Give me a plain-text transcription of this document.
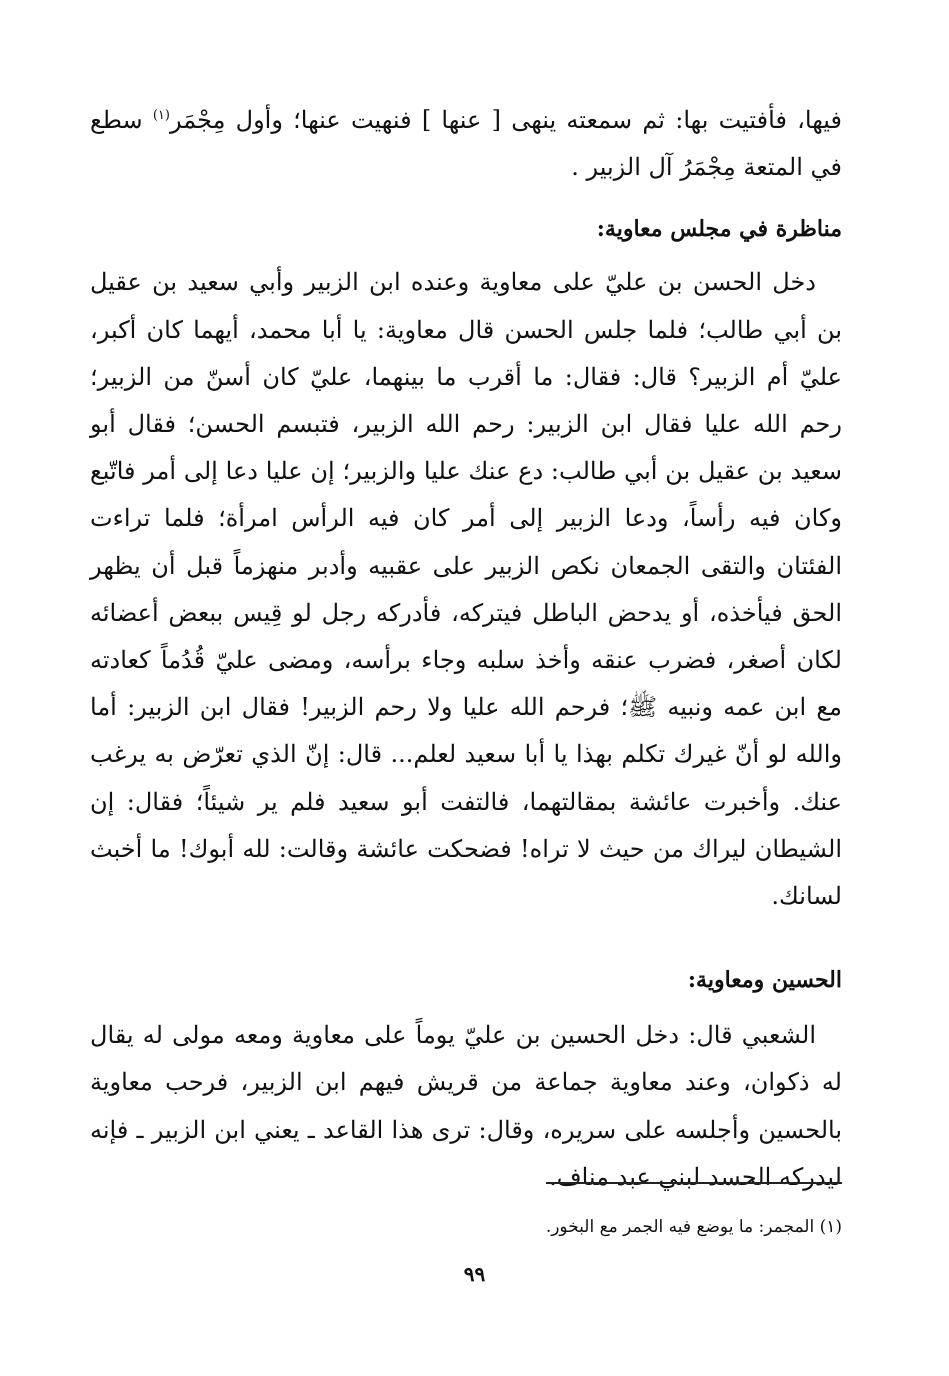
فيها، فأفتيت بها: ثم سمعته ينهى [ عنها ] فنهيت عنها؛ وأول مِجْمَر$^{(١)}$ سطع في المتعة مِجْمَرُ آل الزبير .

مناظرة في مجلس معاوية:

دخل الحسن بن عليّ على معاوية وعنده ابن الزبير وأبي سعيد بن عقيل بن أبي طالب؛ فلما جلس الحسن قال معاوية: يا أبا محمد، أيهما كان أكبر، عليّ أم الزبير؟ قال: فقال: ما أقرب ما بينهما، عليّ كان أسنّ من الزبير؛ رحم الله عليا فقال ابن الزبير: رحم الله الزبير، فتبسم الحسن؛ فقال أبو سعيد بن عقيل بن أبي طالب: دع عنك عليا والزبير؛ إن عليا دعا إلى أمر فاتّبع وكان فيه رأساً، ودعا الزبير إلى أمر كان فيه الرأس امرأة؛ فلما تراءت الفئتان والتقى الجمعان نكص الزبير على عقبيه وأدبر منهزماً قبل أن يظهر الحق فيأخذه، أو يدحض الباطل فيتركه، فأدركه رجل لو قِيس ببعض أعضائه لكان أصغر، فضرب عنقه وأخذ سلبه وجاء برأسه، ومضى عليّ قُدُماً كعادته مع ابن عمه ونبيه ﷺ؛ فرحم الله عليا ولا رحم الزبير! فقال ابن الزبير: أما والله لو أنّ غيرك تكلم بهذا يا أبا سعيد لعلم... قال: إنّ الذي تعرّض به يرغب عنك. وأخبرت عائشة بمقالتهما، فالتفت أبو سعيد فلم ير شيئاً؛ فقال: إن الشيطان ليراك من حيث لا تراه! فضحكت عائشة وقالت: لله أبوك! ما أخبث لسانك.

الحسين ومعاوية:

الشعبي قال: دخل الحسين بن عليّ يوماً على معاوية ومعه مولى له يقال له ذكوان، وعند معاوية جماعة من قريش فيهم ابن الزبير، فرحب معاوية بالحسين وأجلسه على سريره، وقال: ترى هذا القاعد ـ يعني ابن الزبير ـ فإنه ليدركه الحسد لبني عبد مناف.

(١) المجمر: ما يوضع فيه الجمر مع البخور.
٩٩
